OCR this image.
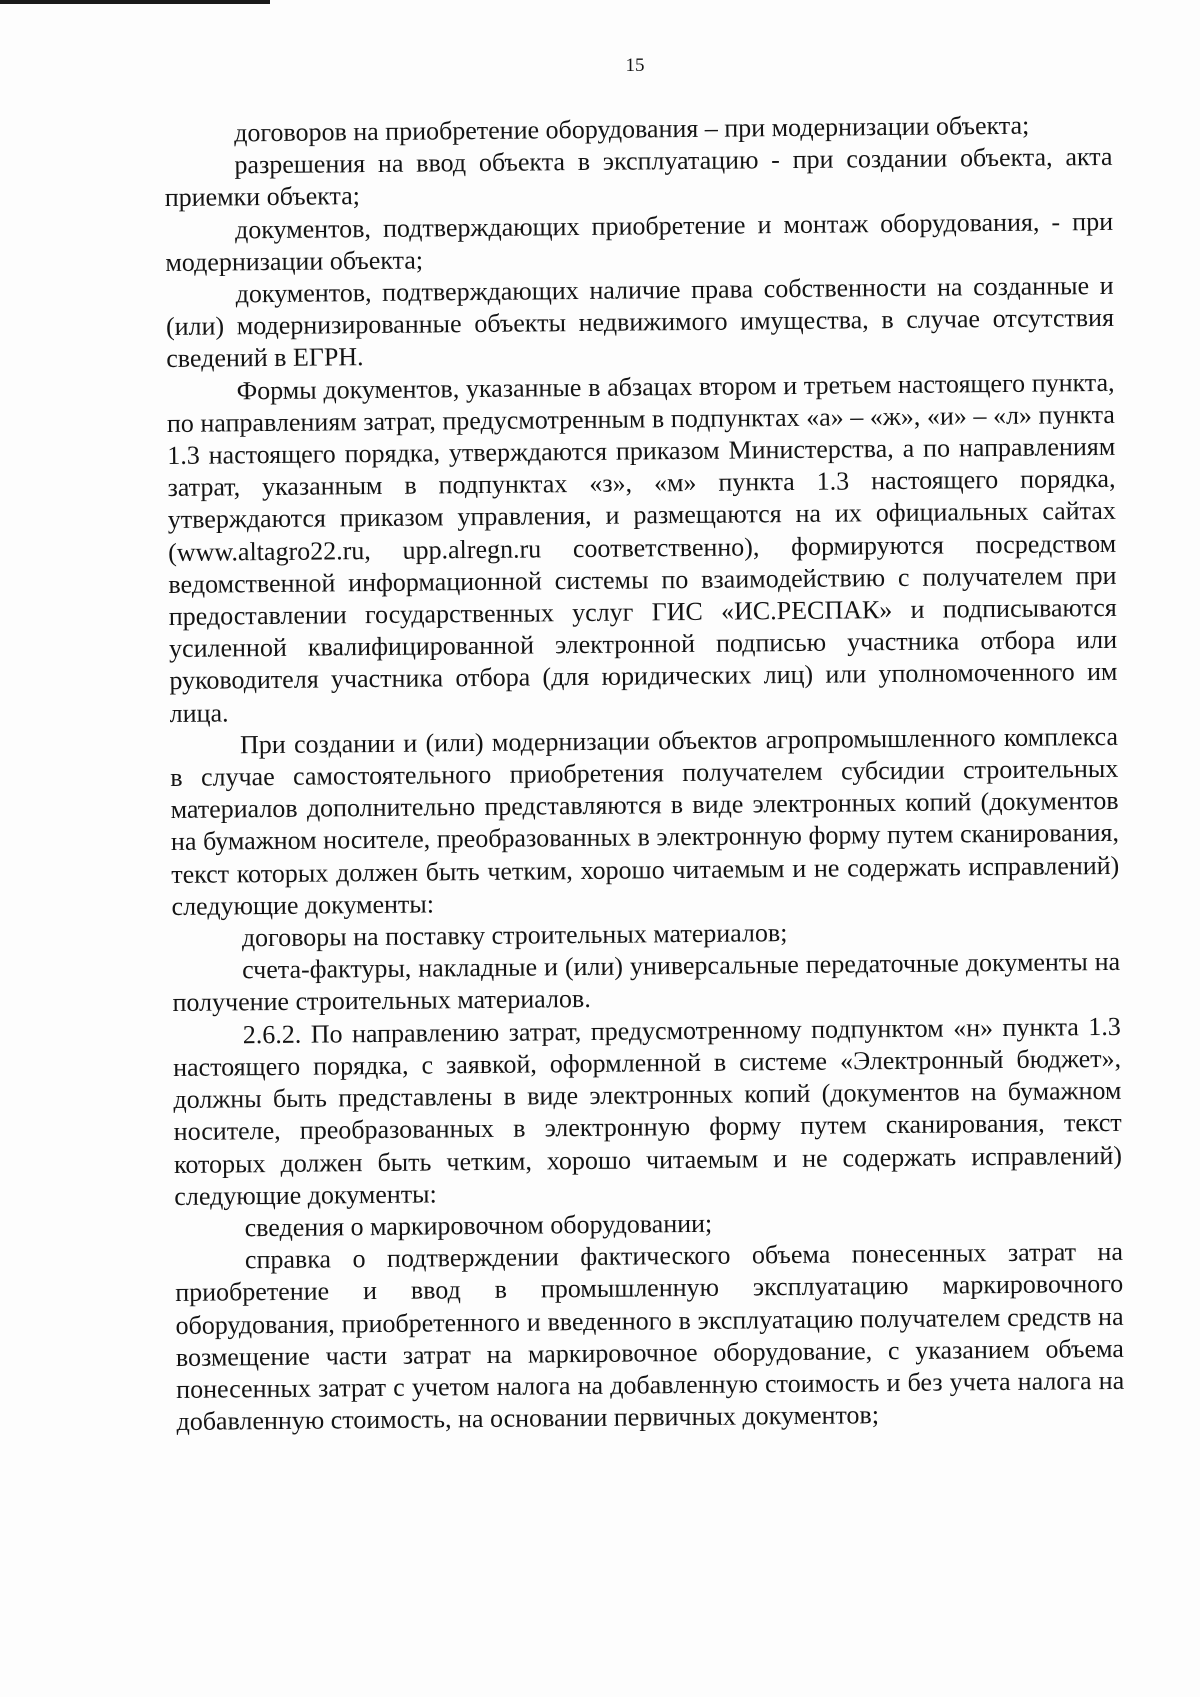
15

договоров на приобретение оборудования – при модернизации объекта;

разрешения на ввод объекта в эксплуатацию - при создании объекта, акта приемки объекта;

документов, подтверждающих приобретение и монтаж оборудования, - при модернизации объекта;

документов, подтверждающих наличие права собственности на созданные и (или) модернизированные объекты недвижимого имущества, в случае отсутствия сведений в ЕГРН.

Формы документов, указанные в абзацах втором и третьем настоящего пункта, по направлениям затрат, предусмотренным в подпунктах «а» – «ж», «и» – «л» пункта 1.3 настоящего порядка, утверждаются приказом Министерства, а по направлениям затрат, указанным в подпунктах «з», «м» пункта 1.3 настоящего порядка, утверждаются приказом управления, и размещаются на их официальных сайтах (www.altagro22.ru, upp.alregn.ru соответственно), формируются посредством ведомственной информационной системы по взаимодействию с получателем при предоставлении государственных услуг ГИС «ИС.РЕСПАК» и подписываются усиленной квалифицированной электронной подписью участника отбора или руководителя участника отбора (для юридических лиц) или уполномоченного им лица.

При создании и (или) модернизации объектов агропромышленного комплекса в случае самостоятельного приобретения получателем субсидии строительных материалов дополнительно представляются в виде электронных копий (документов на бумажном носителе, преобразованных в электронную форму путем сканирования, текст которых должен быть четким, хорошо читаемым и не содержать исправлений) следующие документы:

договоры на поставку строительных материалов;

счета-фактуры, накладные и (или) универсальные передаточные документы на получение строительных материалов.

2.6.2. По направлению затрат, предусмотренному подпунктом «н» пункта 1.3 настоящего порядка, с заявкой, оформленной в системе «Электронный бюджет», должны быть представлены в виде электронных копий (документов на бумажном носителе, преобразованных в электронную форму путем сканирования, текст которых должен быть четким, хорошо читаемым и не содержать исправлений) следующие документы:

сведения о маркировочном оборудовании;

справка о подтверждении фактического объема понесенных затрат на приобретение и ввод в промышленную эксплуатацию маркировочного оборудования, приобретенного и введенного в эксплуатацию получателем средств на возмещение части затрат на маркировочное оборудование, с указанием объема понесенных затрат с учетом налога на добавленную стоимость и без учета налога на добавленную стоимость, на основании первичных документов;
